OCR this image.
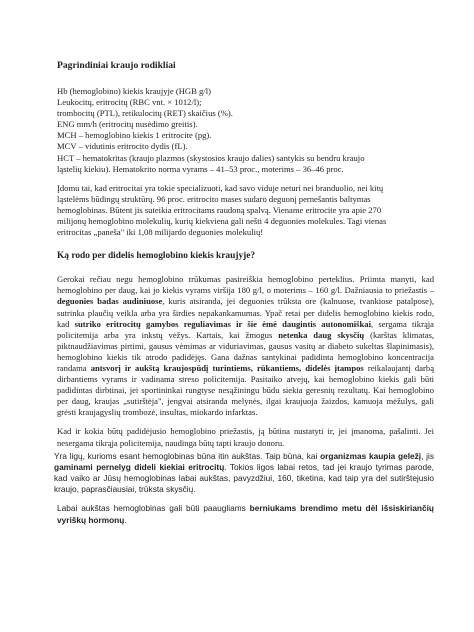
Pagrindiniai kraujo rodikliai
Hb (hemoglobino) kiekis kraujyje (HGB g/l)
Leukocitų, eritrocitų (RBC vnt. × 1012/l);
trombocitų (PTL), retikulocitų (RET) skaičius (%).
ENG mm/h (eritrocitų nusėdimo greitis).
MCH – hemoglobino kiekis 1 eritrocite (pg).
MCV – vidutinis eritrocito dydis (fL).
HCT – hematokritas (kraujo plazmos (skystosios kraujo dalies) santykis su bendru kraujo
ląstelių kiekiu). Hematokrito norma vyrams – 41–53 proc., moterims – 36–46 proc.
Įdomu tai, kad eritrocitai yra tokie specializuoti, kad savo viduje neturi nei branduolio, nei kitų
ląstelėms būdingų struktūrų. 96 proc. eritrocito mases sudaro deguonį pernešantis baltymas
hemoglobinas. Būtent jis suteikia eritrocitams raudoną spalvą. Viename eritrocite yra apie 270
milijonų hemoglobino molekulių, kurių kiekviena gali nešti 4 deguonies molekules. Tagi vienas
eritrocitas „paneša" iki 1,08 milijardo deguonies molekulių!
Ką rodo per didelis hemoglobino kiekis kraujyje?

Gerokai rečiau negu hemoglobino trūkumas pasireiškia hemoglobino perteklius. Priimta manyti, kad hemoglobino per daug, kai jo kiekis vyrams viršija 180 g/l, o moterims – 160 g/l. Dažniausia to priežastis – deguonies badas audiniuose, kuris atsiranda, jei deguonies trūksta ore (kalnuose, tvankiose patalpose), sutrinka plaučių veikla arba yra širdies nepakankamumas. Ypač retai per didelis hemoglobino kiekis rodo, kad sutriko eritrocitų gamybos reguliavimas ir šie ėmė daugintis autonomiškai, sergama tikrąja policitemija arba yra inkstų vėžys. Kartais, kai žmogus netenka daug skysčių (karštas klimatas, piktnaudžiavimas pirtimi, gausus vėmimas ar viduriavimas, gausus vasitų ar diabeto sukeltas šlapinimasis), hemoglobino kiekis tik atrodo padidėjęs. Gana dažnas santykinai padidinta hemoglobino koncentracija randama antsvorį ir aukštą kraujospūdį turintiems, rūkantiems, didelės įtampos reikalaujantį darbą dirbantiems vyrams ir vadinama streso policitemija. Pasitaiko atvejų, kai hemoglobino kiekis gali būti padidintas dirbtinai, jei sportininkai rungtyse nesąžiningu būdu siekia geresnių rezultatų. Kai hemoglobino per daug, kraujas „sutirštėja", jengvai atsiranda melynės, ilgai kraujuoja žaizdos, kamuoja mėžulys, gali grėsti kraujagyslių trombozė, insultas, miokardo infarktas.

Kad ir kokia būtų padidėjusio hemoglobino priežastis, ją būtina nustatyti ir, jei įmanoma, pašalinti. Jei nesergama tikrąja policitemija, naudinga būtų tapti kraujo donoru.

Yra ligų, kurioms esant hemoglobinas būna itin aukštas. Taip būna, kai organizmas kaupia geležį, jis gaminami pernelyg dideli kiekiai eritrocitų. Tokios ligos labai retos, tad jei kraujo tyrimas parode, kad vaiko ar Jūsų hemoglobinas labai aukštas, pavyzdžiui, 160, tiketina, kad taip yra del sutirštejusio kraujo, paprasčiausiai, trūksta skysčių.

Labai aukštas hemoglobinas gali būti paaugliams berniukams brendimo metu dėl išsiskiriančių vyriškų hormonų.
